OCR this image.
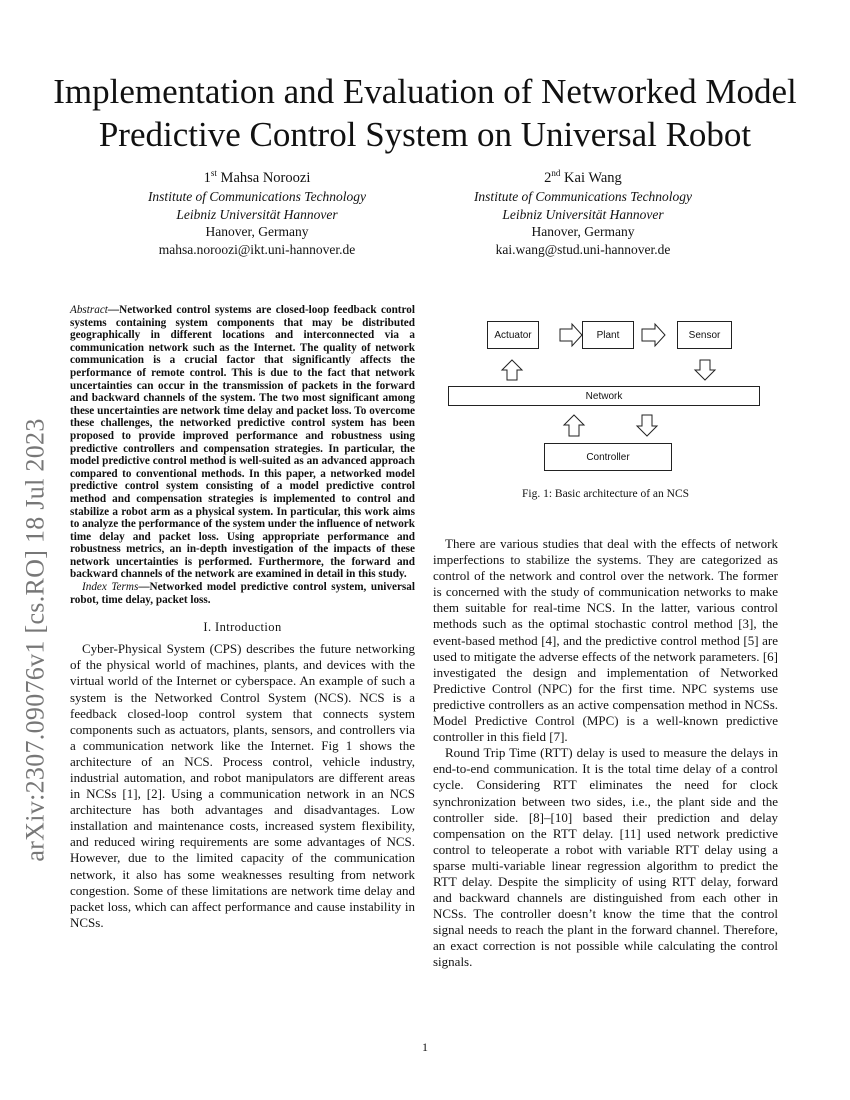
Implementation and Evaluation of Networked Model Predictive Control System on Universal Robot
1st Mahsa Noroozi
Institute of Communications Technology
Leibniz Universität Hannover
Hanover, Germany
mahsa.noroozi@ikt.uni-hannover.de
2nd Kai Wang
Institute of Communications Technology
Leibniz Universität Hannover
Hanover, Germany
kai.wang@stud.uni-hannover.de
arXiv:2307.09076v1 [cs.RO] 18 Jul 2023

Abstract—Networked control systems are closed-loop feedback control systems containing system components that may be distributed geographically in different locations and interconnected via a communication network such as the Internet. The quality of network communication is a crucial factor that significantly affects the performance of remote control. This is due to the fact that network uncertainties can occur in the transmission of packets in the forward and backward channels of the system. The two most significant among these uncertainties are network time delay and packet loss. To overcome these challenges, the networked predictive control system has been proposed to provide improved performance and robustness using predictive controllers and compensation strategies. In particular, the model predictive control method is well-suited as an advanced approach compared to conventional methods. In this paper, a networked model predictive control system consisting of a model predictive control method and compensation strategies is implemented to control and stabilize a robot arm as a physical system. In particular, this work aims to analyze the performance of the system under the influence of network time delay and packet loss. Using appropriate performance and robustness metrics, an in-depth investigation of the impacts of these network uncertainties is performed. Furthermore, the forward and backward channels of the network are examined in detail in this study.

Index Terms—Networked model predictive control system, universal robot, time delay, packet loss.

I. Introduction

Cyber-Physical System (CPS) describes the future networking of the physical world of machines, plants, and devices with the virtual world of the Internet or cyberspace. An example of such a system is the Networked Control System (NCS). NCS is a feedback closed-loop control system that connects system components such as actuators, plants, sensors, and controllers via a communication network like the Internet. Fig 1 shows the architecture of an NCS. Process control, vehicle industry, industrial automation, and robot manipulators are different areas in NCSs [1], [2]. Using a communication network in an NCS architecture has both advantages and disadvantages. Low installation and maintenance costs, increased system flexibility, and reduced wiring requirements are some advantages of NCS. However, due to the limited capacity of the communication network, it also has some weaknesses resulting from network congestion. Some of these limitations are network time delay and packet loss, which can affect performance and cause instability in NCSs.

Actuator	Plant	Sensor
Network
Controller
Fig. 1: Basic architecture of an NCS

There are various studies that deal with the effects of network imperfections to stabilize the systems. They are categorized as control of the network and control over the network. The former is concerned with the study of communication networks to make them suitable for real-time NCS. In the latter, various control methods such as the optimal stochastic control method [3], the event-based method [4], and the predictive control method [5] are used to mitigate the adverse effects of the network parameters. [6] investigated the design and implementation of Networked Predictive Control (NPC) for the first time. NPC systems use predictive controllers as an active compensation method in NCSs. Model Predictive Control (MPC) is a well-known predictive controller in this field [7].

Round Trip Time (RTT) delay is used to measure the delays in end-to-end communication. It is the total time delay of a control cycle. Considering RTT eliminates the need for clock synchronization between two sides, i.e., the plant side and the controller side. [8]–[10] based their prediction and delay compensation on the RTT delay. [11] used network predictive control to teleoperate a robot with variable RTT delay using a sparse multi-variable linear regression algorithm to predict the RTT delay. Despite the simplicity of using RTT delay, forward and backward channels are distinguished from each other in NCSs. The controller doesn’t know the time that the control signal needs to reach the plant in the forward channel. Therefore, an exact correction is not possible while calculating the control signals.

1
